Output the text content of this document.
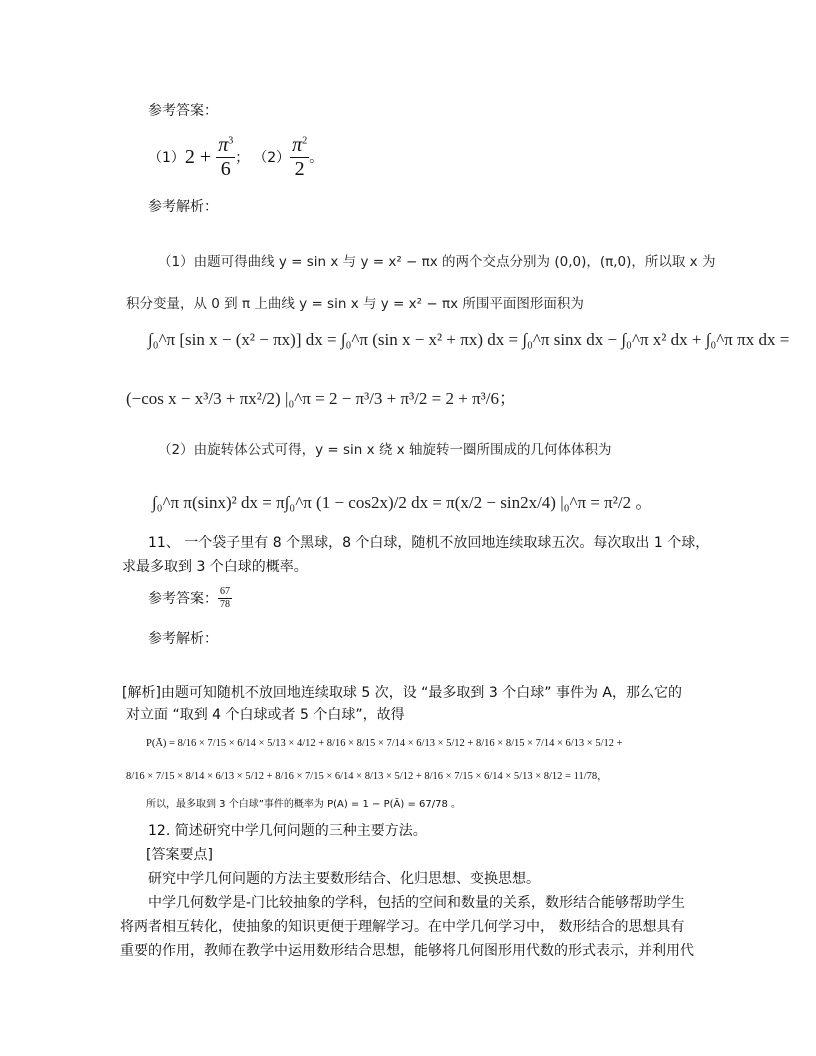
参考答案：
（1） $2 + \frac{\pi^3}{6}$ ； $(2) \frac{\pi^2}{2}$ 。
参考解析：
（1）由题可得曲线 y = sin x 与 y = x² − πx 的两个交点分别为 (0,0)，(π,0)，所以取 x 为
积分变量，从 0 到 π 上曲线 y = sin x 与 y = x² − πx 所围平面图形面积为
∫₀^π [sin x − (x² − πx)] dx = ∫₀^π (sin x − x² + πx) dx = ∫₀^π sinx dx − ∫₀^π x² dx + ∫₀^π πx dx =
(−cos x − x³/3 + πx²/2) |₀^π = 2 − π³/3 + π³/2 = 2 + π³/6；
（2）由旋转体公式可得，y = sin x 绕 x 轴旋转一圈所围成的几何体体积为
∫₀^π π(sinx)² dx = π∫₀^π (1 − cos2x)/2 dx = π(x/2 − sin2x/4) |₀^π = π²/2 。
11、 一个袋子里有 8 个黑球，8 个白球，随机不放回地连续取球五次。每次取出 1 个球，
求最多取到 3 个白球的概率。
参考答案： $\frac{67}{78}$
参考解析：
[解析]由题可知随机不放回地连续取球 5 次，设 “最多取到 3 个白球” 事件为 A，那么它的
对立面 “取到 4 个白球或者 5 个白球”，故得
P(Ā) = 8/16 × 7/15 × 6/14 × 5/13 × 4/12 + 8/16 × 8/15 × 7/14 × 6/13 × 5/12 + 8/16 × 8/15 × 7/14 × 6/13 × 5/12 +
8/16 × 7/15 × 8/14 × 6/13 × 5/12 + 8/16 × 7/15 × 6/14 × 8/13 × 5/12 + 8/16 × 7/15 × 6/14 × 5/13 × 8/12 = 11/78，
所以，最多取到 3 个白球”事件的概率为 P(A) = 1 − P(Ā) = 67/78 。
12. 简述研究中学几何问题的三种主要方法。
[答案要点]
研究中学几何问题的方法主要数形结合、化归思想、变换思想。
中学几何数学是-门比较抽象的学科，包括的空间和数量的关系，数形结合能够帮助学生
将两者相互转化，使抽象的知识更便于理解学习。在中学几何学习中， 数形结合的思想具有
重要的作用，教师在教学中运用数形结合思想，能够将几何图形用代数的形式表示，并利用代
